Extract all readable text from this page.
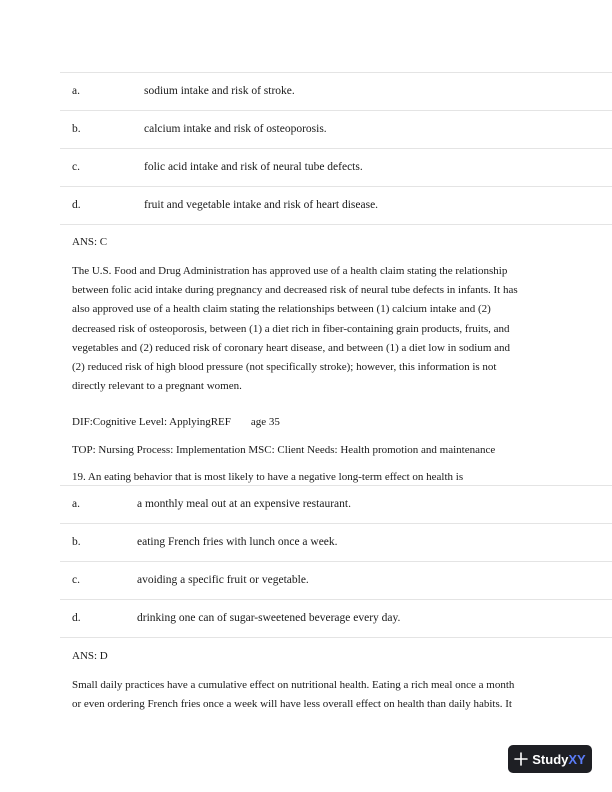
a.	sodium intake and risk of stroke.
b.	calcium intake and risk of osteoporosis.
c.	folic acid intake and risk of neural tube defects.
d.	fruit and vegetable intake and risk of heart disease.
ANS: C

The U.S. Food and Drug Administration has approved use of a health claim stating the relationship

between folic acid intake during pregnancy and decreased risk of neural tube defects in infants. It has

also approved use of a health claim stating the relationships between (1) calcium intake and (2)

decreased risk of osteoporosis, between (1) a diet rich in fiber-containing grain products, fruits, and

vegetables and (2) reduced risk of coronary heart disease, and between (1) a diet low in sodium and

(2) reduced risk of high blood pressure (not specifically stroke); however, this information is not

directly relevant to a pregnant women.

DIF:Cognitive Level: ApplyingREF age 35
TOP: Nursing Process: Implementation MSC: Client Needs: Health promotion and maintenance
19. An eating behavior that is most likely to have a negative long-term effect on health is
a.	a monthly meal out at an expensive restaurant.
b.	eating French fries with lunch once a week.
c.	avoiding a specific fruit or vegetable.
d.	drinking one can of sugar-sweetened beverage every day.
ANS: D

Small daily practices have a cumulative effect on nutritional health. Eating a rich meal once a month

or even ordering French fries once a week will have less overall effect on health than daily habits. It

StudyXY
